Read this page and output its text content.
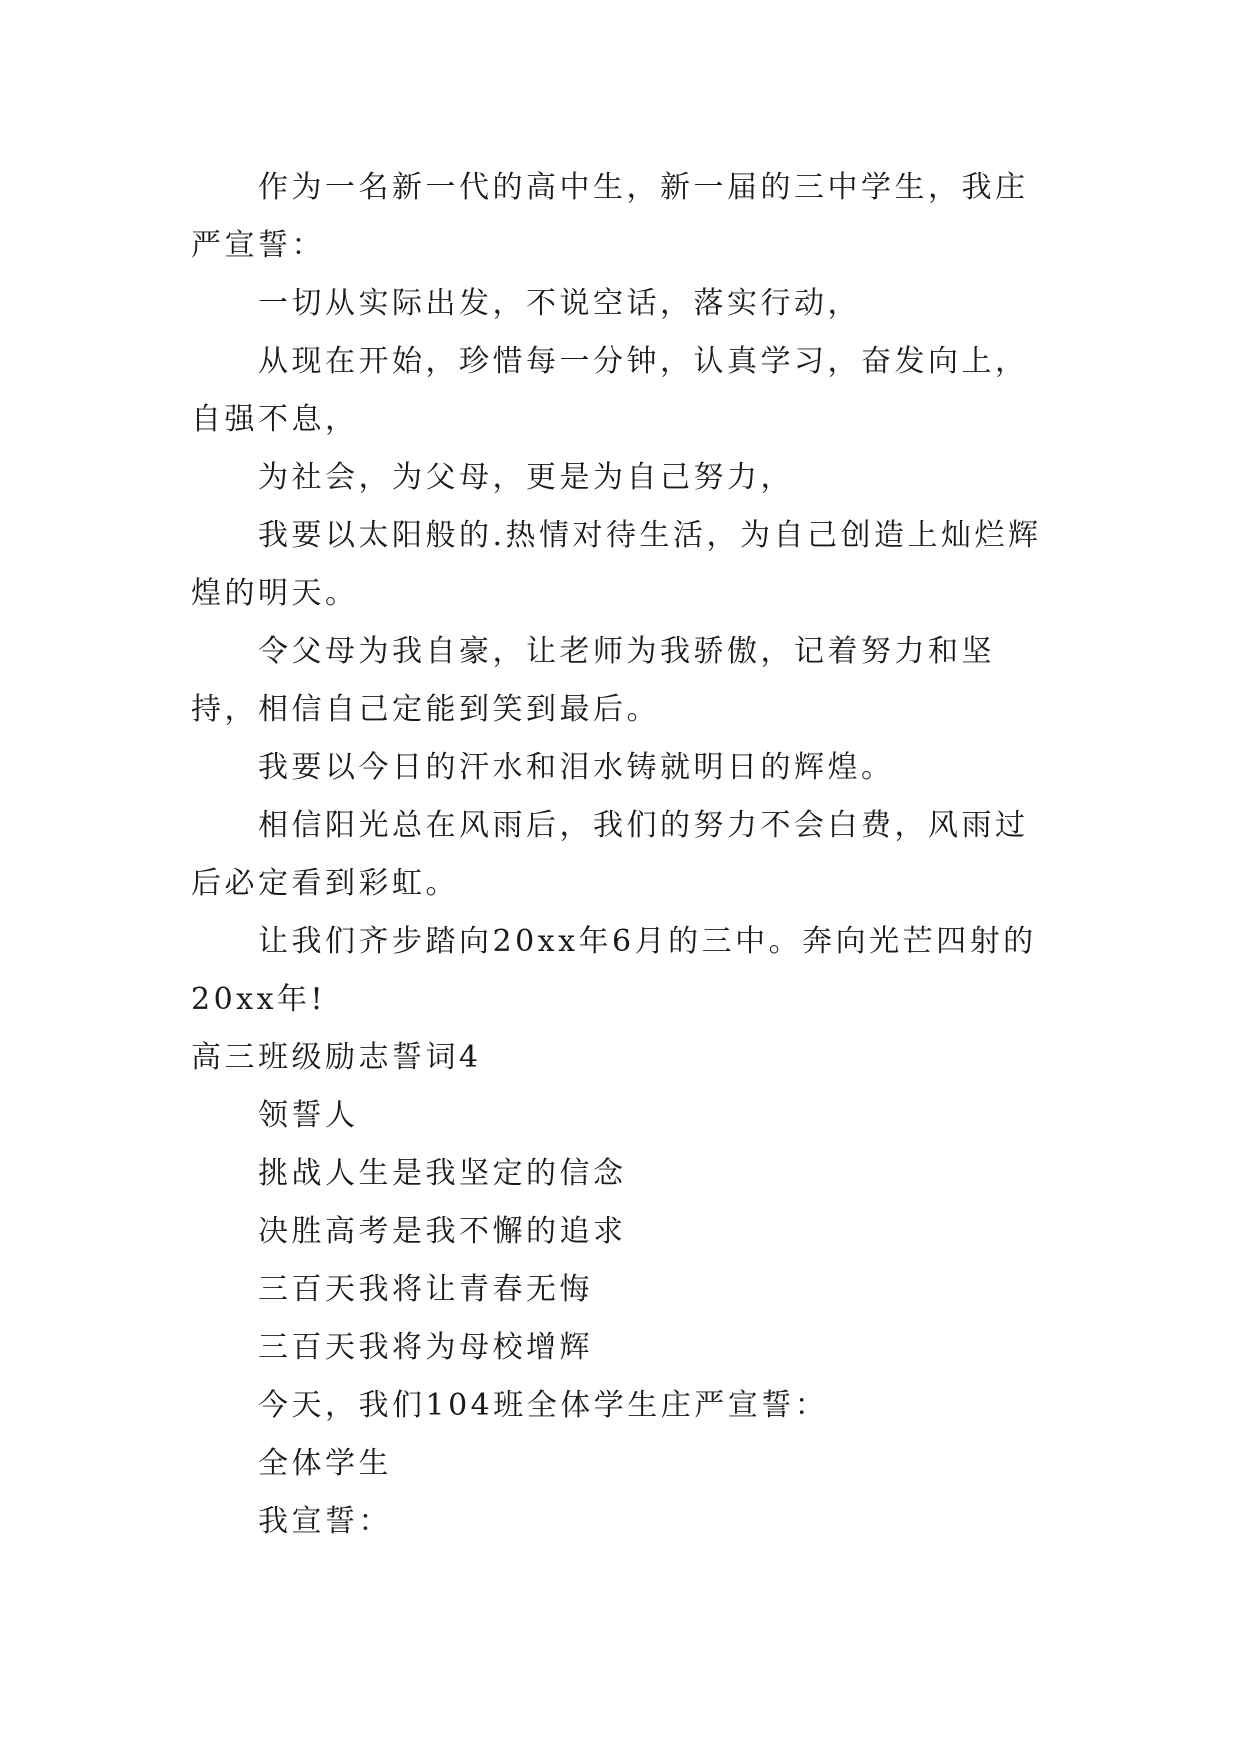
作为一名新一代的高中生，新一届的三中学生，我庄严宣誓：

一切从实际出发，不说空话，落实行动，

从现在开始，珍惜每一分钟，认真学习，奋发向上，自强不息，

为社会，为父母，更是为自己努力，

我要以太阳般的.热情对待生活，为自己创造上灿烂辉煌的明天。

令父母为我自豪，让老师为我骄傲，记着努力和坚持，相信自己定能到笑到最后。

我要以今日的汗水和泪水铸就明日的辉煌。

相信阳光总在风雨后，我们的努力不会白费，风雨过后必定看到彩虹。

让我们齐步踏向20xx年6月的三中。奔向光芒四射的20xx年!

高三班级励志誓词4

领誓人

挑战人生是我坚定的信念

决胜高考是我不懈的追求

三百天我将让青春无悔

三百天我将为母校增辉

今天，我们104班全体学生庄严宣誓：

全体学生

我宣誓：
